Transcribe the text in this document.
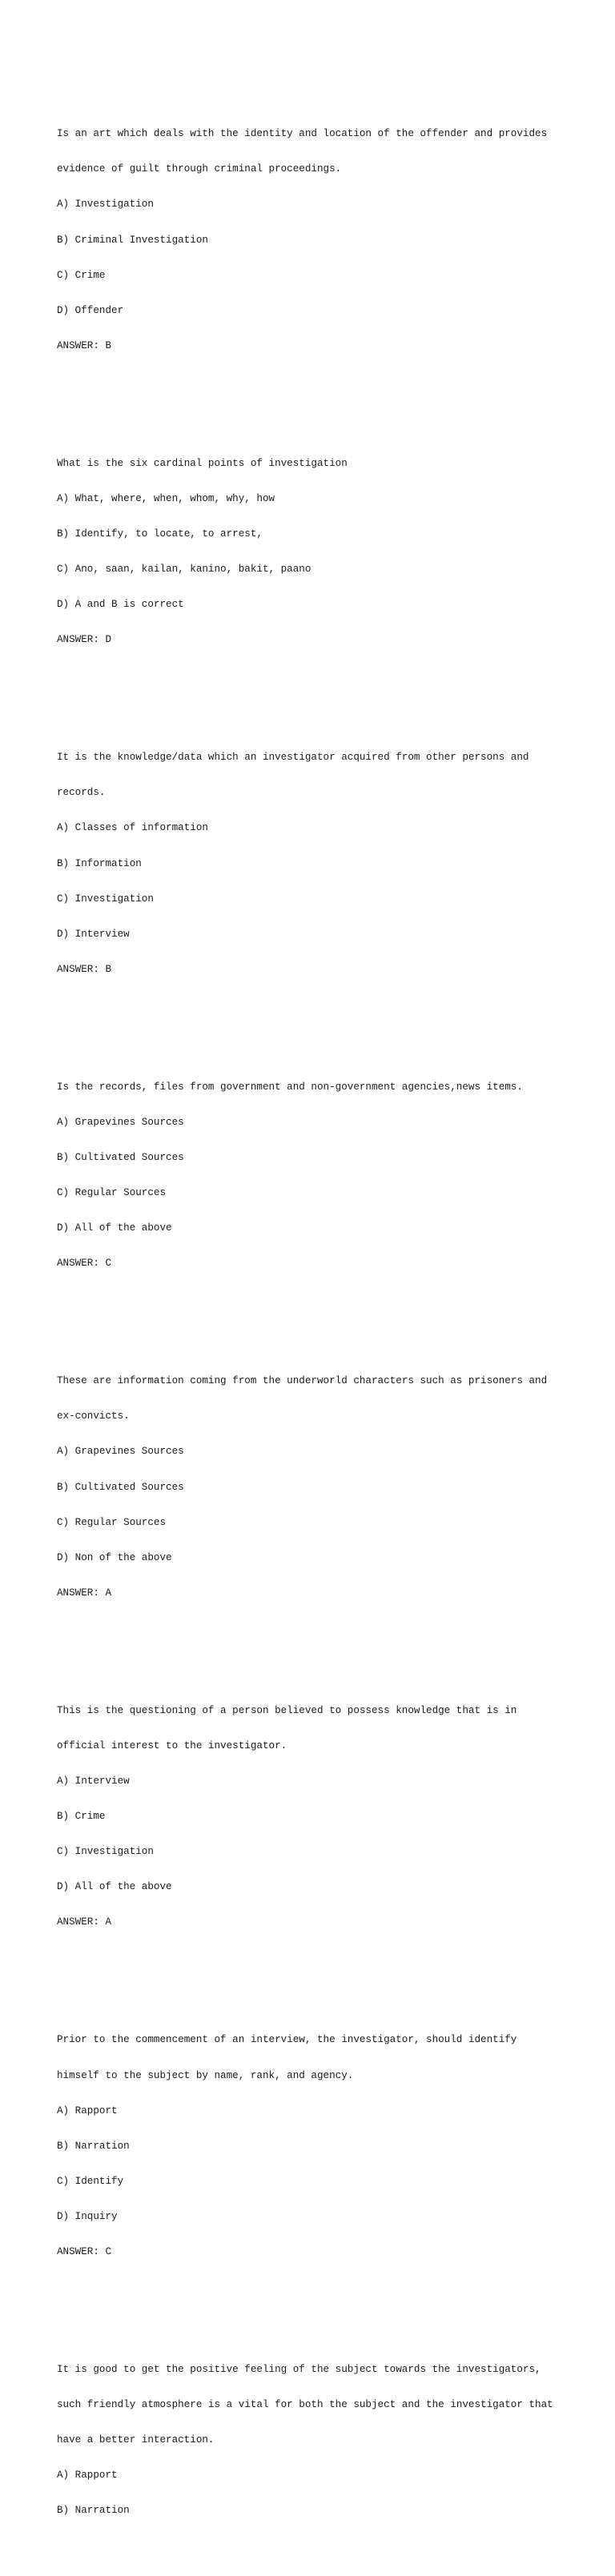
Is an art which deals with the identity and location of the offender and provides

evidence of guilt through criminal proceedings.

A) Investigation

B) Criminal Investigation

C) Crime

D) Offender

ANSWER: B

What is the six cardinal points of investigation

A) What, where, when, whom, why, how

B) Identify, to locate, to arrest,

C) Ano, saan, kailan, kanino, bakit, paano

D) A and B is correct

ANSWER: D

It is the knowledge/data which an investigator acquired from other persons and

records.

A) Classes of information

B) Information

C) Investigation

D) Interview

ANSWER: B

Is the records, files from government and non-government agencies,news items.

A) Grapevines Sources

B) Cultivated Sources

C) Regular Sources

D) All of the above

ANSWER: C

These are information coming from the underworld characters such as prisoners and

ex-convicts.

A) Grapevines Sources

B) Cultivated Sources

C) Regular Sources

D) Non of the above

ANSWER: A

This is the questioning of a person believed to possess knowledge that is in

official interest to the investigator.

A) Interview

B) Crime

C) Investigation

D) All of the above

ANSWER: A

Prior to the commencement of an interview, the investigator, should identify

himself to the subject by name, rank, and agency.

A) Rapport

B) Narration

C) Identify

D) Inquiry

ANSWER: C

It is good to get the positive feeling of the subject towards the investigators,

such friendly atmosphere is a vital for both the subject and the investigator that

have a better interaction.

A) Rapport

B) Narration
